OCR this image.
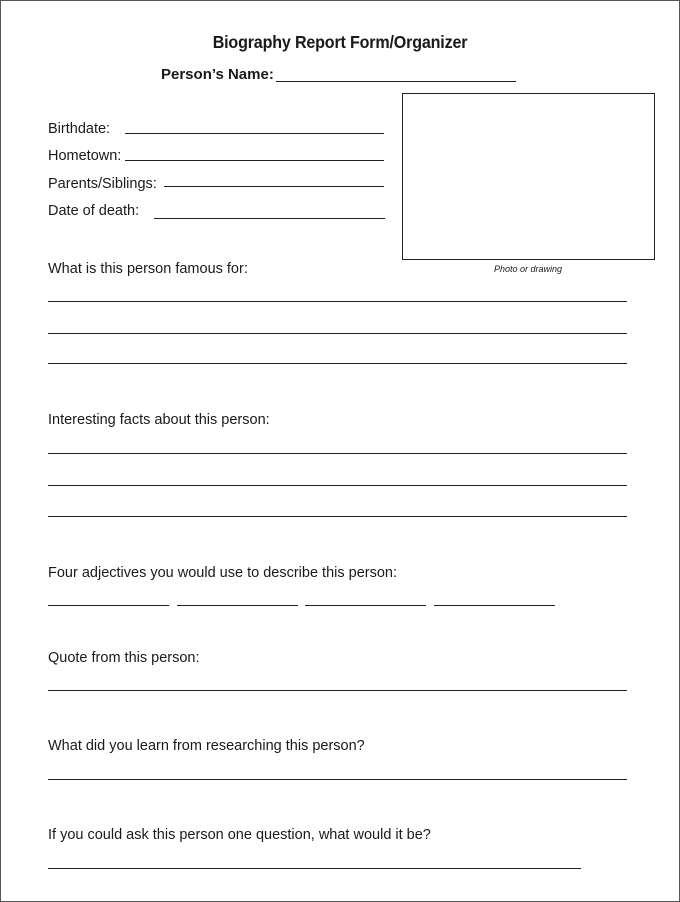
Biography Report Form/Organizer
Person’s Name:
Birthdate:
Hometown:
Parents/Siblings:
Date of death:
Photo or drawing
What is this person famous for:
Interesting facts about this person:
Four adjectives you would use to describe this person:
Quote from this person:
What did you learn from researching this person?
If you could ask this person one question, what would it be?
